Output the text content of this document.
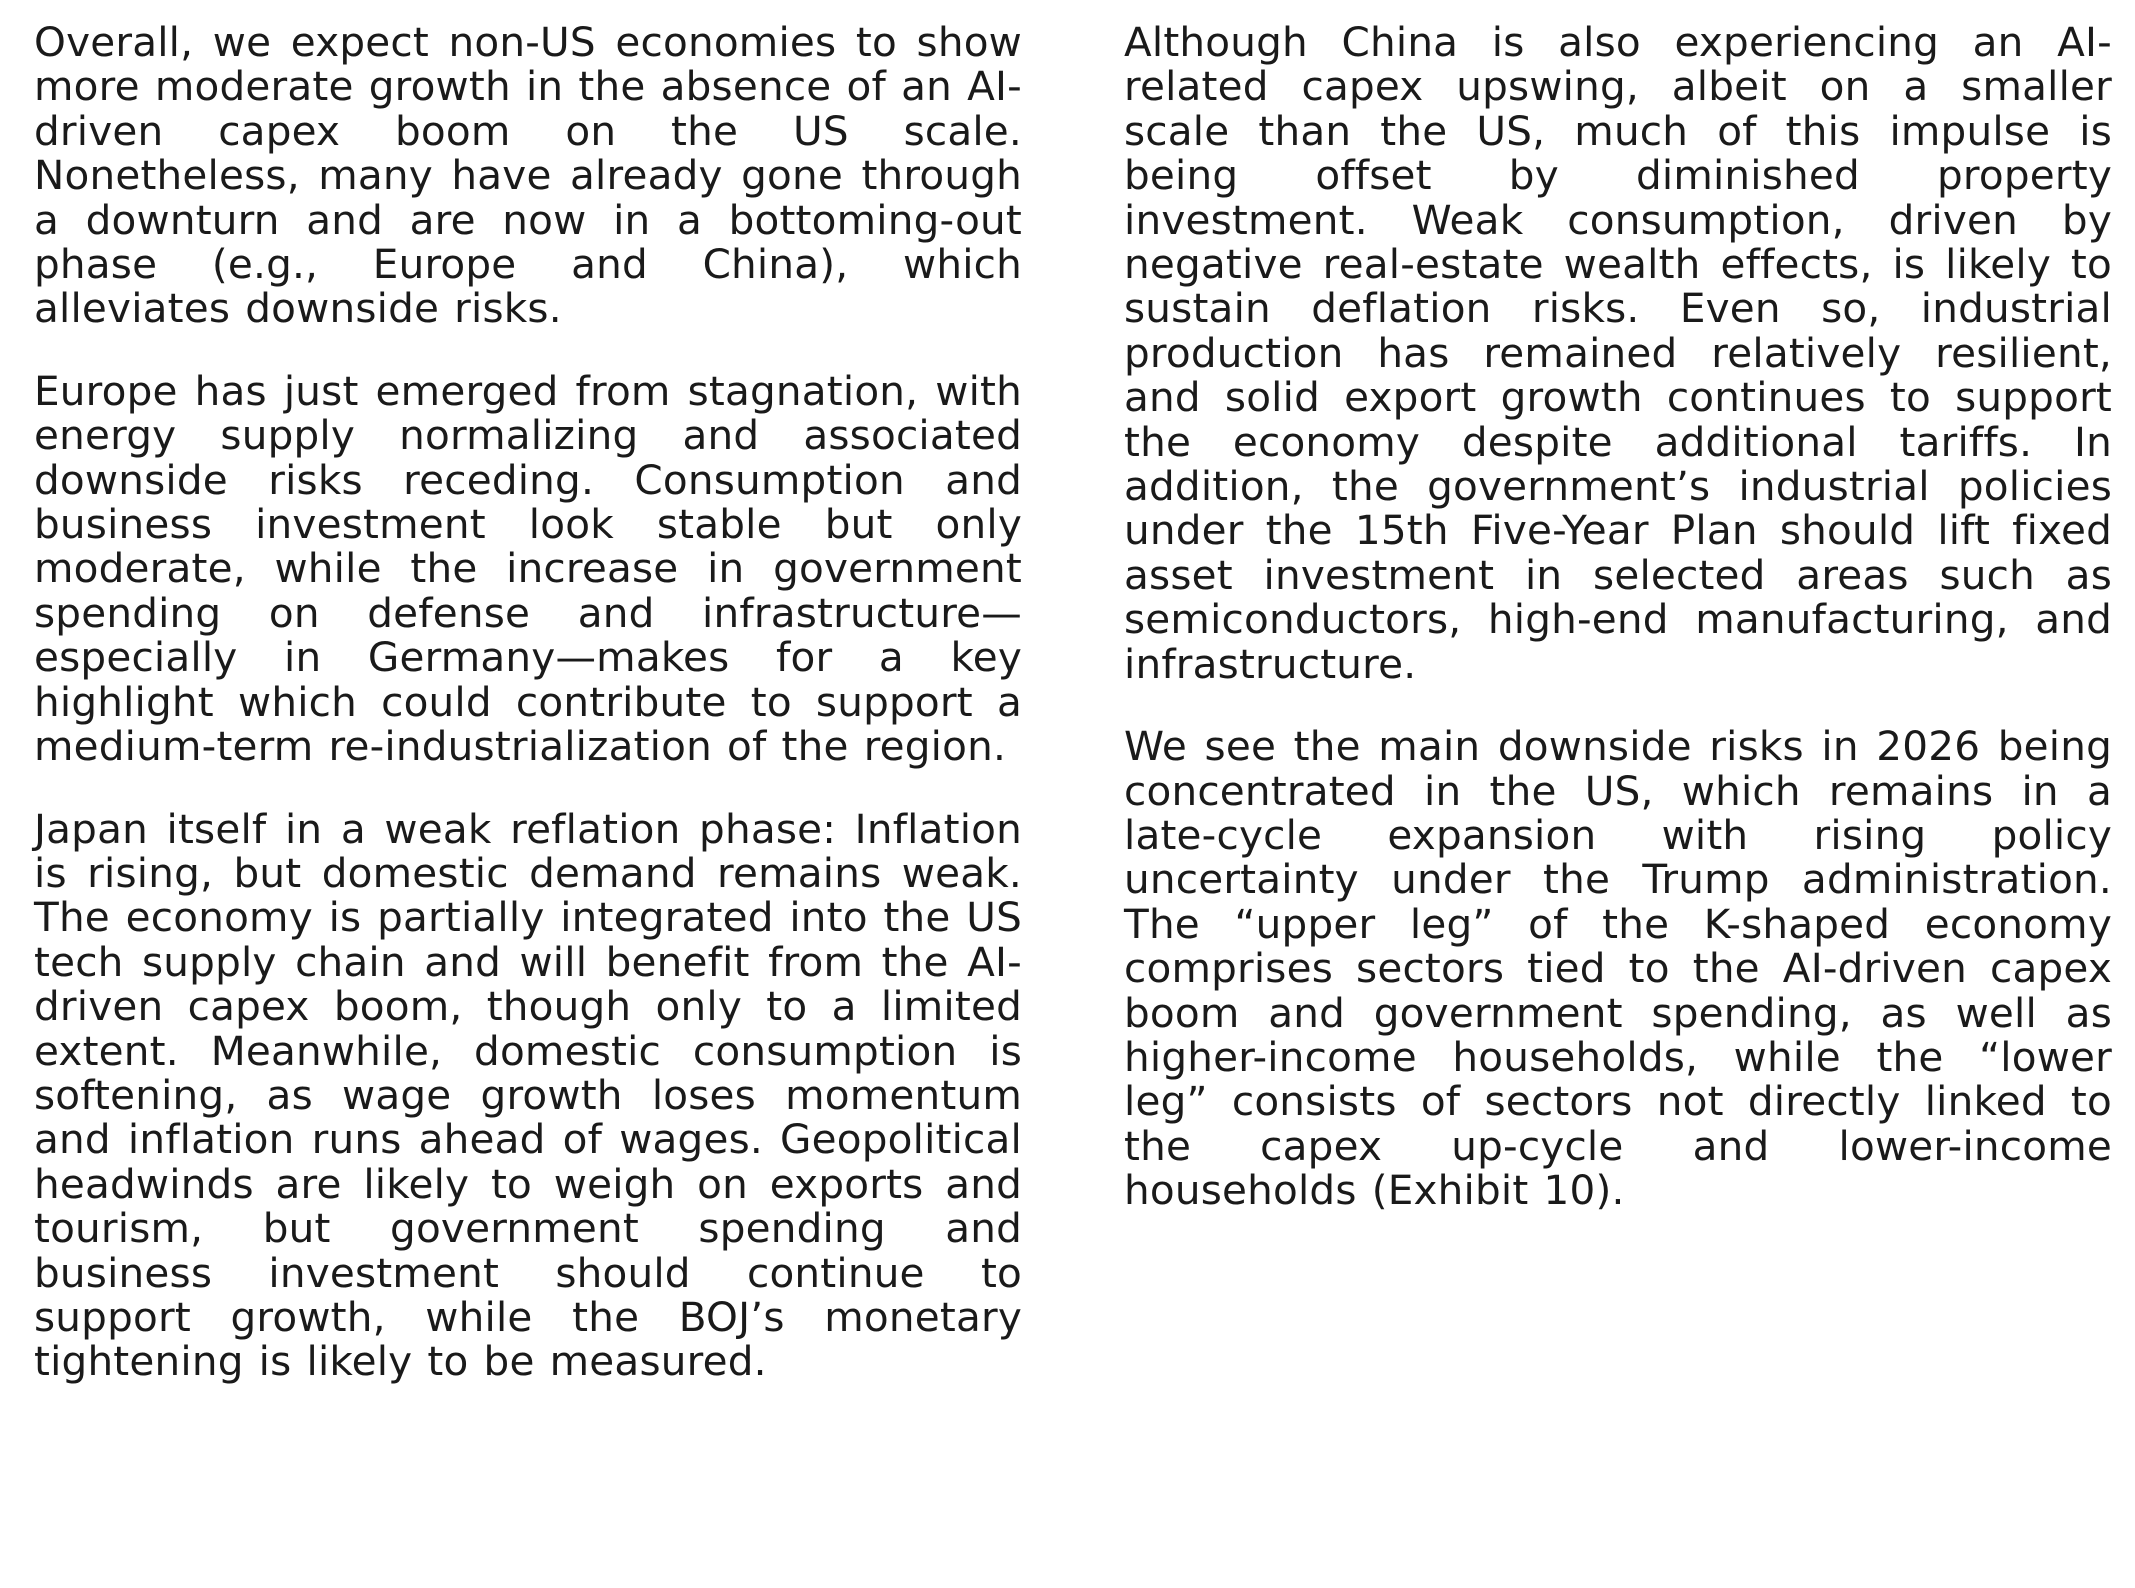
Overall, we expect non-US economies to show more moderate growth in the absence of an AI-driven capex boom on the US scale. Nonetheless, many have already gone through a downturn and are now in a bottoming-out phase (e.g., Europe and China), which alleviates downside risks.

Europe has just emerged from stagnation, with energy supply normalizing and associated downside risks receding. Consumption and business investment look stable but only moderate, while the increase in government spending on defense and infrastructure—especially in Germany—makes for a key highlight which could contribute to support a medium-term re-industrialization of the region.

Japan itself in a weak reflation phase: Inflation is rising, but domestic demand remains weak. The economy is partially integrated into the US tech supply chain and will benefit from the AI-driven capex boom, though only to a limited extent. Meanwhile, domestic consumption is softening, as wage growth loses momentum and inflation runs ahead of wages. Geopolitical headwinds are likely to weigh on exports and tourism, but government spending and business investment should continue to support growth, while the BOJ’s monetary tightening is likely to be measured.

Although China is also experiencing an AI-related capex upswing, albeit on a smaller scale than the US, much of this impulse is being offset by diminished property investment. Weak consumption, driven by negative real-estate wealth effects, is likely to sustain deflation risks. Even so, industrial production has remained relatively resilient, and solid export growth continues to support the economy despite additional tariffs. In addition, the government’s industrial policies under the 15th Five-Year Plan should lift fixed asset investment in selected areas such as semiconductors, high-end manufacturing, and infrastructure.

We see the main downside risks in 2026 being concentrated in the US, which remains in a late-cycle expansion with rising policy uncertainty under the Trump administration. The “upper leg” of the K-shaped economy comprises sectors tied to the AI-driven capex boom and government spending, as well as higher-income households, while the “lower leg” consists of sectors not directly linked to the capex up-cycle and lower-income households (Exhibit 10).
